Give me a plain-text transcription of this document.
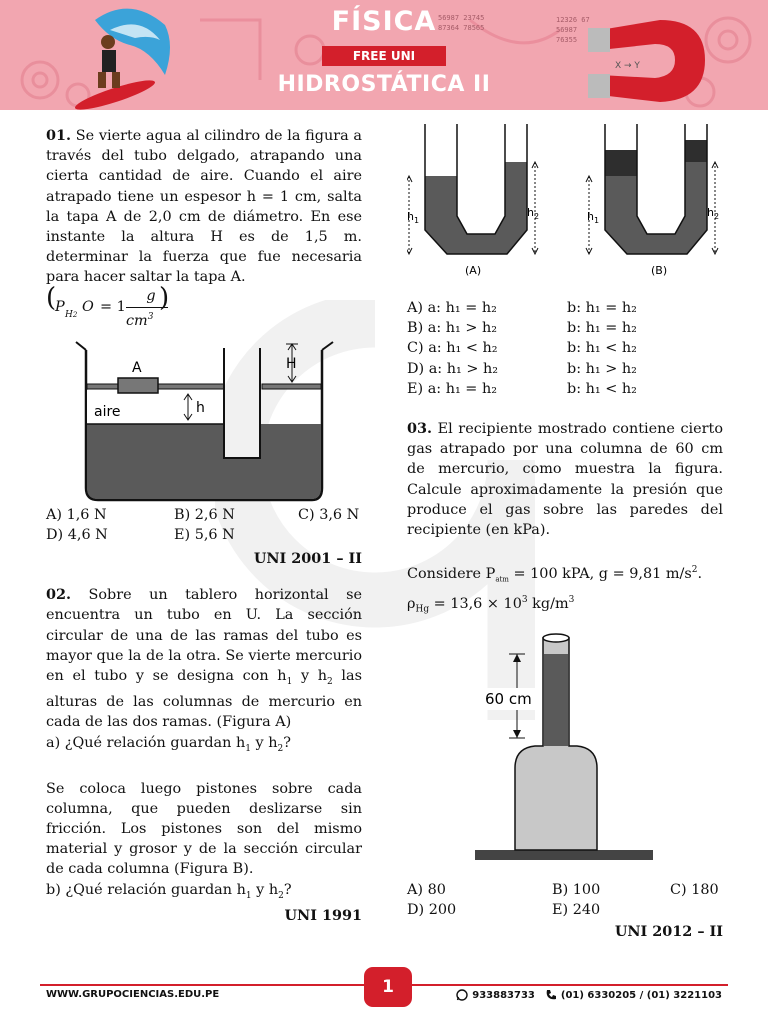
X → Y
56987 23745
87364 78565
12326 67
56987
76355
FÍSICA
FREE UNI
HIDROSTÁTICA II

01. Se vierte agua al cilindro de la figura a través del tubo delgado, atrapando una cierta cantidad de aire. Cuando el aire atrapado tiene un espesor h = 1 cm, salta la tapa A de 2,0 cm de diámetro. En ese instante la altura H es de 1,5 m. determinar la fuerza que fue necesaria para hacer saltar la tapa A.

(
P H2 O = 1
g
$cm^3$
)
H
h
A
aire
A) 1,6 N	B) 2,6 N	C) 3,6 N
D) 4,6 N	E) 5,6 N

UNI 2001 – II

02. Sobre un tablero horizontal se encuentra un tubo en U. La sección circular de una de las ramas del tubo es mayor que la de la otra. Se vierte mercurio en el tubo y se designa con $h_1$ y $h_2$ las alturas de las columnas de mercurio en cada de las dos ramas. (Figura A)

a) ¿Qué relación guardan $h_1$ y $h_2$?

Se coloca luego pistones sobre cada columna, que pueden deslizarse sin fricción. Los pistones son del mismo material y grosor y de la sección circular de cada columna (Figura B).

b) ¿Qué relación guardan $h_1$ y $h_2$?

UNI 1991

$h_1$
$h_2$
(A)
$h_1$
$h_2$
(B)
A) a: h₁ = h₂	b: h₁ = h₂
B) a: h₁ > h₂	b: h₁ = h₂
C) a: h₁ < h₂	b: h₁ < h₂
D) a: h₁ > h₂	b: h₁ > h₂
E) a: h₁ = h₂	b: h₁ < h₂

03. El recipiente mostrado contiene cierto gas atrapado por una columna de 60 cm de mercurio, como muestra la figura. Calcule aproximadamente la presión que produce el gas sobre las paredes del recipiente (en kPa).

Considere $P_{atm} = 100$ kPA, g = 9,81 $m/s^2$.

$\rho_{Hg} = 13,6 \times 10^3$ $kg/m^3$

60 cm
A) 80	B) 100	C) 180
D) 200	E) 240

UNI 2012 – II

WWW.GRUPOCIENCIAS.EDU.PE	1	933883733	(01) 6330205 / (01) 3221103
